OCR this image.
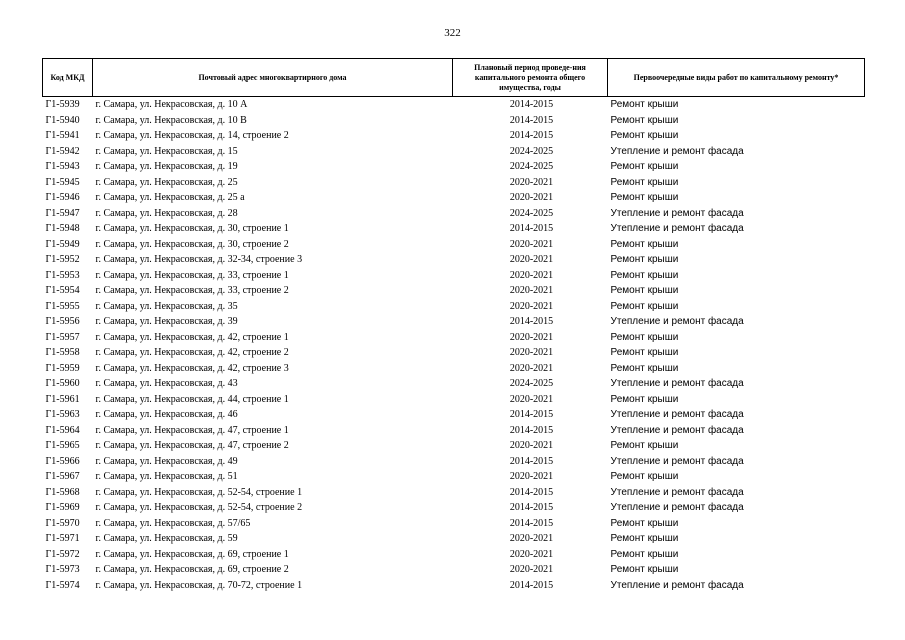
322
Код МКД	Почтовый адрес многоквартирного дома	Плановый период проведе-ния капитального ремонта общего имущества, годы	Первоочередные виды работ по капитальному ремонту*
Г1-5939	г. Самара, ул. Некрасовская, д. 10 А	2014-2015	Ремонт крыши
Г1-5940	г. Самара, ул. Некрасовская, д. 10 В	2014-2015	Ремонт крыши
Г1-5941	г. Самара, ул. Некрасовская, д. 14, строение 2	2014-2015	Ремонт крыши
Г1-5942	г. Самара, ул. Некрасовская, д. 15	2024-2025	Утепление и ремонт фасада
Г1-5943	г. Самара, ул. Некрасовская, д. 19	2024-2025	Ремонт крыши
Г1-5945	г. Самара, ул. Некрасовская, д. 25	2020-2021	Ремонт крыши
Г1-5946	г. Самара, ул. Некрасовская, д. 25 а	2020-2021	Ремонт крыши
Г1-5947	г. Самара, ул. Некрасовская, д. 28	2024-2025	Утепление и ремонт фасада
Г1-5948	г. Самара, ул. Некрасовская, д. 30, строение 1	2014-2015	Утепление и ремонт фасада
Г1-5949	г. Самара, ул. Некрасовская, д. 30, строение 2	2020-2021	Ремонт крыши
Г1-5952	г. Самара, ул. Некрасовская, д. 32-34, строение 3	2020-2021	Ремонт крыши
Г1-5953	г. Самара, ул. Некрасовская, д. 33, строение 1	2020-2021	Ремонт крыши
Г1-5954	г. Самара, ул. Некрасовская, д. 33, строение 2	2020-2021	Ремонт крыши
Г1-5955	г. Самара, ул. Некрасовская, д. 35	2020-2021	Ремонт крыши
Г1-5956	г. Самара, ул. Некрасовская, д. 39	2014-2015	Утепление и ремонт фасада
Г1-5957	г. Самара, ул. Некрасовская, д. 42, строение 1	2020-2021	Ремонт крыши
Г1-5958	г. Самара, ул. Некрасовская, д. 42, строение 2	2020-2021	Ремонт крыши
Г1-5959	г. Самара, ул. Некрасовская, д. 42, строение 3	2020-2021	Ремонт крыши
Г1-5960	г. Самара, ул. Некрасовская, д. 43	2024-2025	Утепление и ремонт фасада
Г1-5961	г. Самара, ул. Некрасовская, д. 44, строение 1	2020-2021	Ремонт крыши
Г1-5963	г. Самара, ул. Некрасовская, д. 46	2014-2015	Утепление и ремонт фасада
Г1-5964	г. Самара, ул. Некрасовская, д. 47, строение 1	2014-2015	Утепление и ремонт фасада
Г1-5965	г. Самара, ул. Некрасовская, д. 47, строение 2	2020-2021	Ремонт крыши
Г1-5966	г. Самара, ул. Некрасовская, д. 49	2014-2015	Утепление и ремонт фасада
Г1-5967	г. Самара, ул. Некрасовская, д. 51	2020-2021	Ремонт крыши
Г1-5968	г. Самара, ул. Некрасовская, д. 52-54, строение 1	2014-2015	Утепление и ремонт фасада
Г1-5969	г. Самара, ул. Некрасовская, д. 52-54, строение 2	2014-2015	Утепление и ремонт фасада
Г1-5970	г. Самара, ул. Некрасовская, д. 57/65	2014-2015	Ремонт крыши
Г1-5971	г. Самара, ул. Некрасовская, д. 59	2020-2021	Ремонт крыши
Г1-5972	г. Самара, ул. Некрасовская, д. 69, строение 1	2020-2021	Ремонт крыши
Г1-5973	г. Самара, ул. Некрасовская, д. 69, строение 2	2020-2021	Ремонт крыши
Г1-5974	г. Самара, ул. Некрасовская, д. 70-72, строение 1	2014-2015	Утепление и ремонт фасада
